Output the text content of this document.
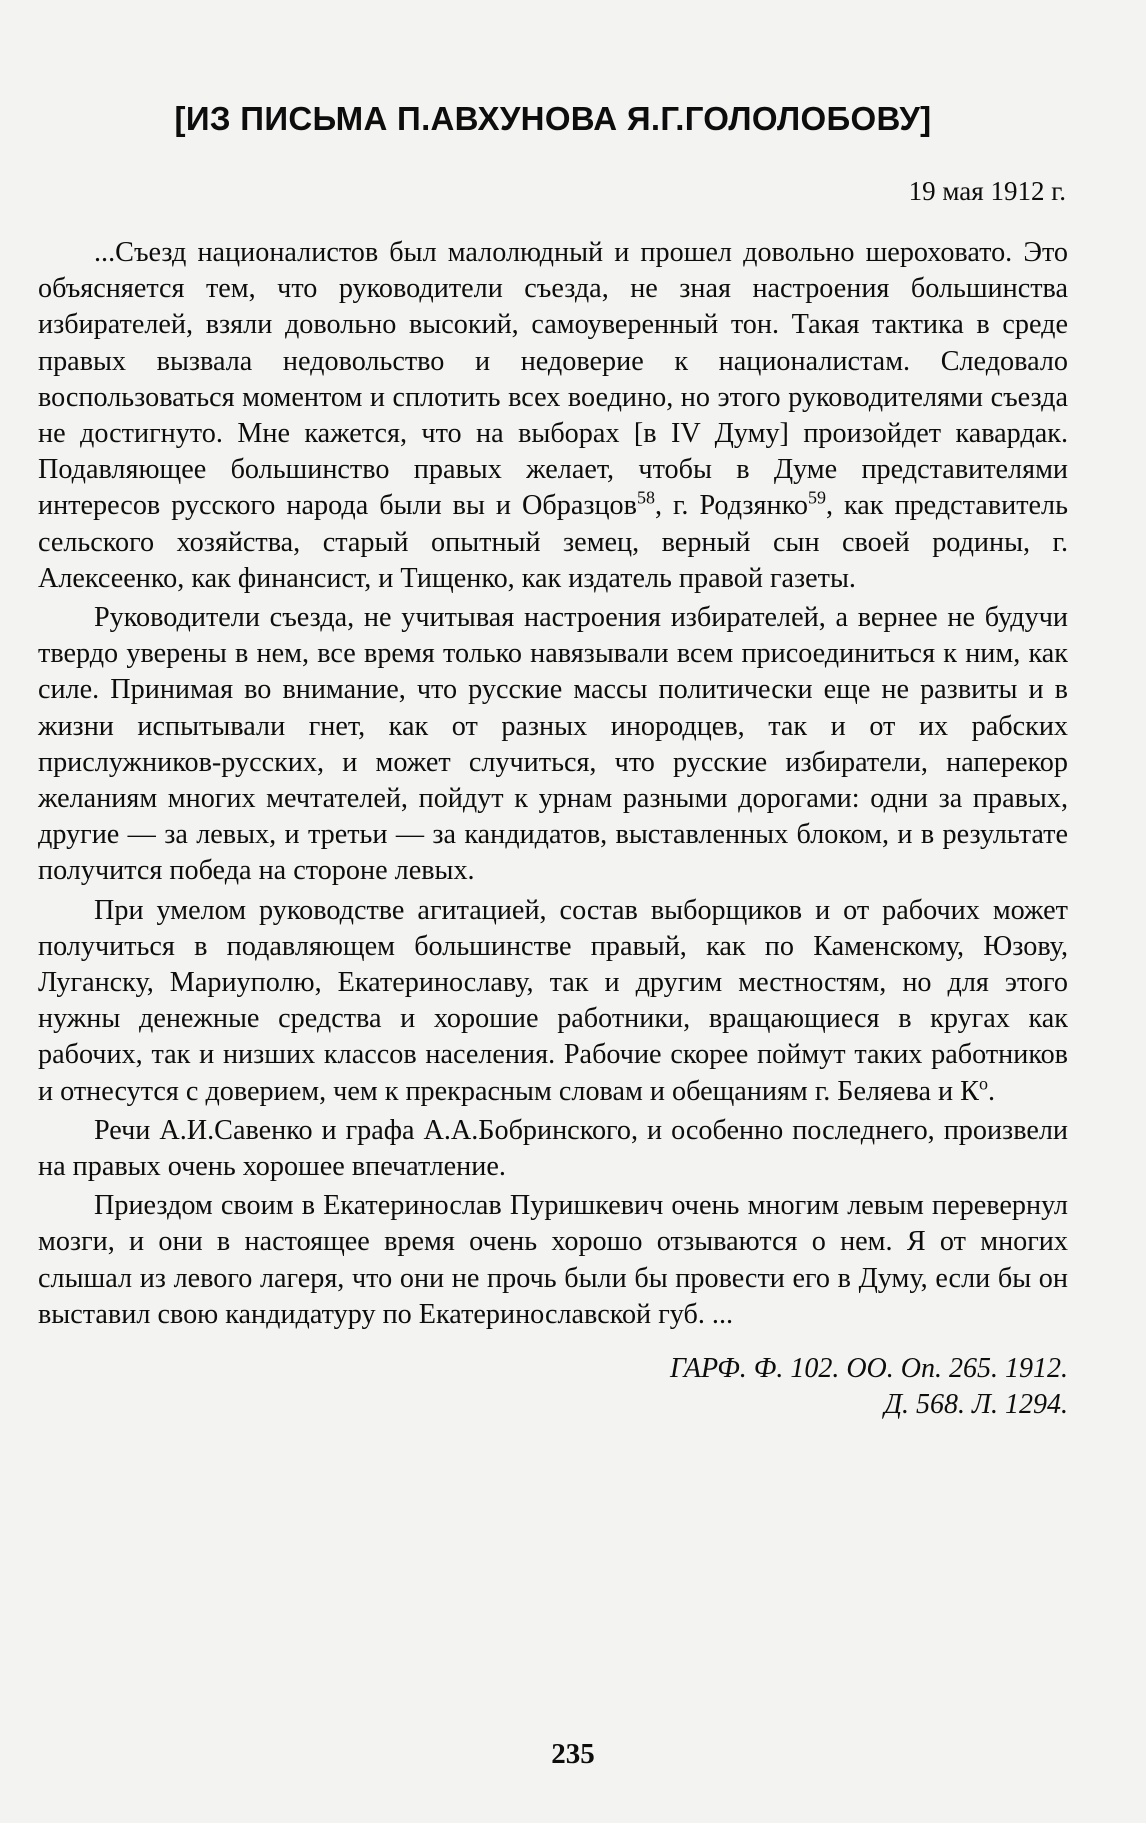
[ИЗ ПИСЬМА П.АВХУНОВА Я.Г.ГОЛОЛОБОВУ]
19 мая 1912 г.

...Съезд националистов был малолюдный и прошел довольно шероховато. Это объясняется тем, что руководители съезда, не зная настроения большинства избирателей, взяли довольно высокий, самоуверенный тон. Такая тактика в среде правых вызвала недовольство и недоверие к националистам. Следовало воспользоваться моментом и сплотить всех воедино, но этого руководителями съезда не достигнуто. Мне кажется, что на выборах [в IV Думу] произойдет кавардак. Подавляющее большинство правых желает, чтобы в Думе представителями интересов русского народа были вы и Образцов$^{58}$, г. Родзянко$^{59}$, как представитель сельского хозяйства, старый опытный земец, верный сын своей родины, г. Алексеенко, как финансист, и Тищенко, как издатель правой газеты.

Руководители съезда, не учитывая настроения избирателей, а вернее не будучи твердо уверены в нем, все время только навязывали всем присоединиться к ним, как силе. Принимая во внимание, что русские массы политически еще не развиты и в жизни испытывали гнет, как от разных инородцев, так и от их рабских прислужников-русских, и может случиться, что русские избиратели, наперекор желаниям многих мечтателей, пойдут к урнам разными дорогами: одни за правых, другие — за левых, и третьи — за кандидатов, выставленных блоком, и в результате получится победа на стороне левых.

При умелом руководстве агитацией, состав выборщиков и от рабочих может получиться в подавляющем большинстве правый, как по Каменскому, Юзову, Луганску, Мариуполю, Екатеринославу, так и другим местностям, но для этого нужны денежные средства и хорошие работники, вращающиеся в кругах как рабочих, так и низших классов населения. Рабочие скорее поймут таких работников и отнесутся с доверием, чем к прекрасным словам и обещаниям г. Беляева и $К^о$.

Речи А.И.Савенко и графа А.А.Бобринского, и особенно последнего, произвели на правых очень хорошее впечатление.

Приездом своим в Екатеринослав Пуришкевич очень многим левым перевернул мозги, и они в настоящее время очень хорошо отзываются о нем. Я от многих слышал из левого лагеря, что они не прочь были бы провести его в Думу, если бы он выставил свою кандидатуру по Екатеринославской губ. ...

ГАРФ. Ф. 102. ОО. Оп. 265. 1912.
Д. 568. Л. 1294.
235
